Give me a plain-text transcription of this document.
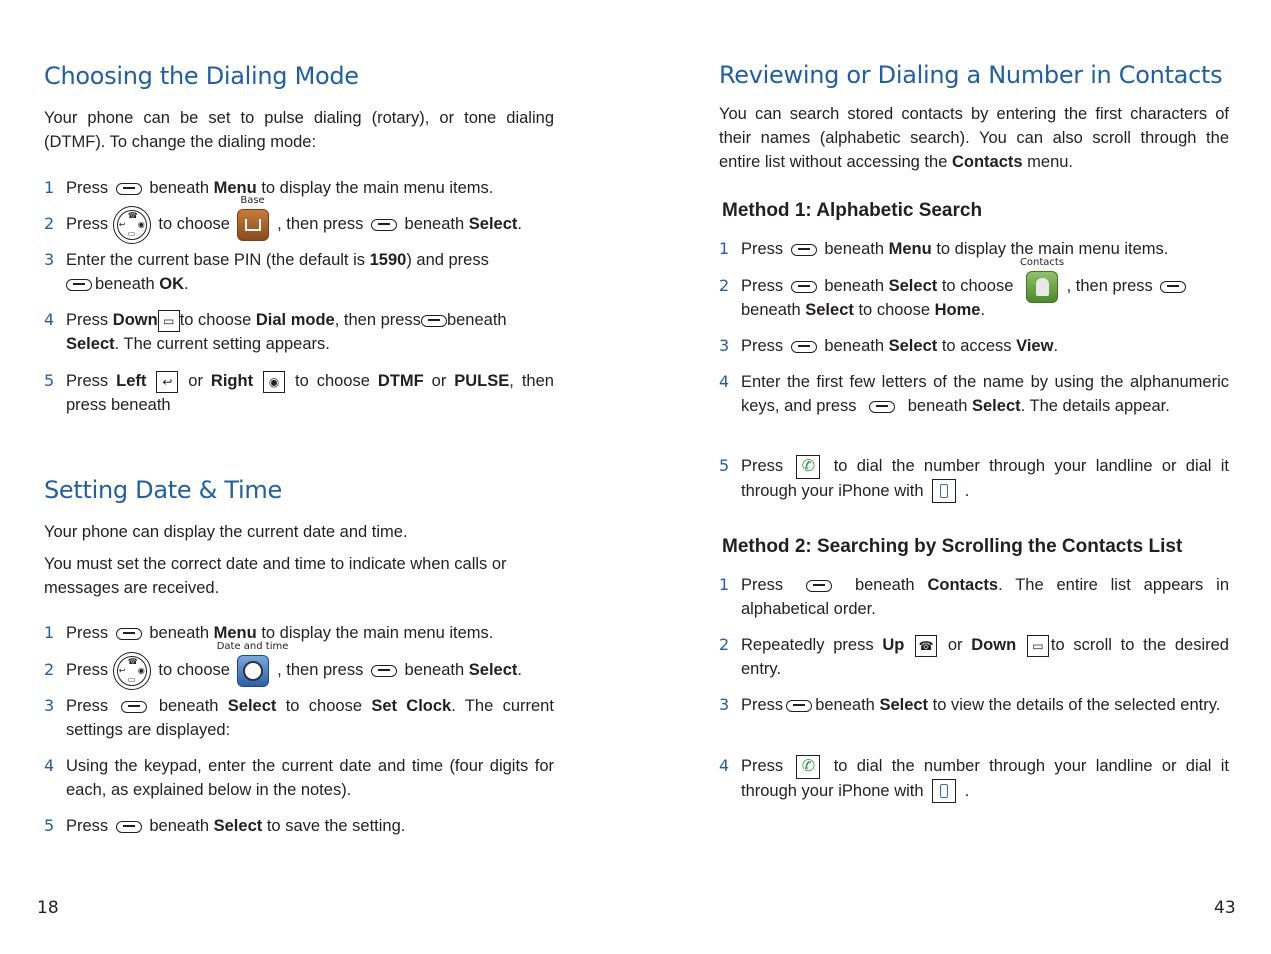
Choosing the Dialing Mode

Your phone can be set to pulse dialing (rotary), or tone dialing (DTMF). To change the dialing mode:

1 Press beneath Menu to display the main menu items.
2 Press ☎
↩ ◉
▭
to choose
Base
, then press beneath Select.
3 Enter the current base PIN (the default is 1590) and press
beneath OK.
4 Press Down ▭ to choose Dial mode, then press beneath
Select. The current setting appears.
5 Press Left ↩ or Right ◉ to choose DTMF or PULSE, then press beneath
Setting Date & Time

Your phone can display the current date and time.

You must set the correct date and time to indicate when calls or messages are received.

1 Press beneath Menu to display the main menu items.
2 Press ☎
↩ ◉
▭
to choose
Date and time
, then press beneath Select.
3 Press	beneath Select to choose Set Clock. The current settings are displayed:
4 Using the keypad, enter the current date and time (four digits for each, as explained below in the notes).
5 Press beneath Select to save the setting.
18
Reviewing or Dialing a Number in Contacts

You can search stored contacts by entering the first characters of their names (alphabetic search). You can also scroll through the entire list without accessing the Contacts menu.

Method 1: Alphabetic Search
1 Press beneath Menu to display the main menu items.
2 Press beneath Select to choose
Contacts
, then press
beneath Select to choose Home.
3 Press beneath Select to access View.
4 Enter the first few letters of the name by using the alphanumeric keys, and press	beneath Select. The details appear.
5 Press ✆ to dial the number through your landline or dial it through your iPhone with .
Method 2: Searching by Scrolling the Contacts List
1 Press	beneath Contacts. The entire list appears in alphabetical order.
2 Repeatedly press Up ☎ or Down ▭ to scroll to the desired entry.
3 Press beneath Select to view the details of the selected entry.
4 Press ✆ to dial the number through your landline or dial it through your iPhone with .
43
